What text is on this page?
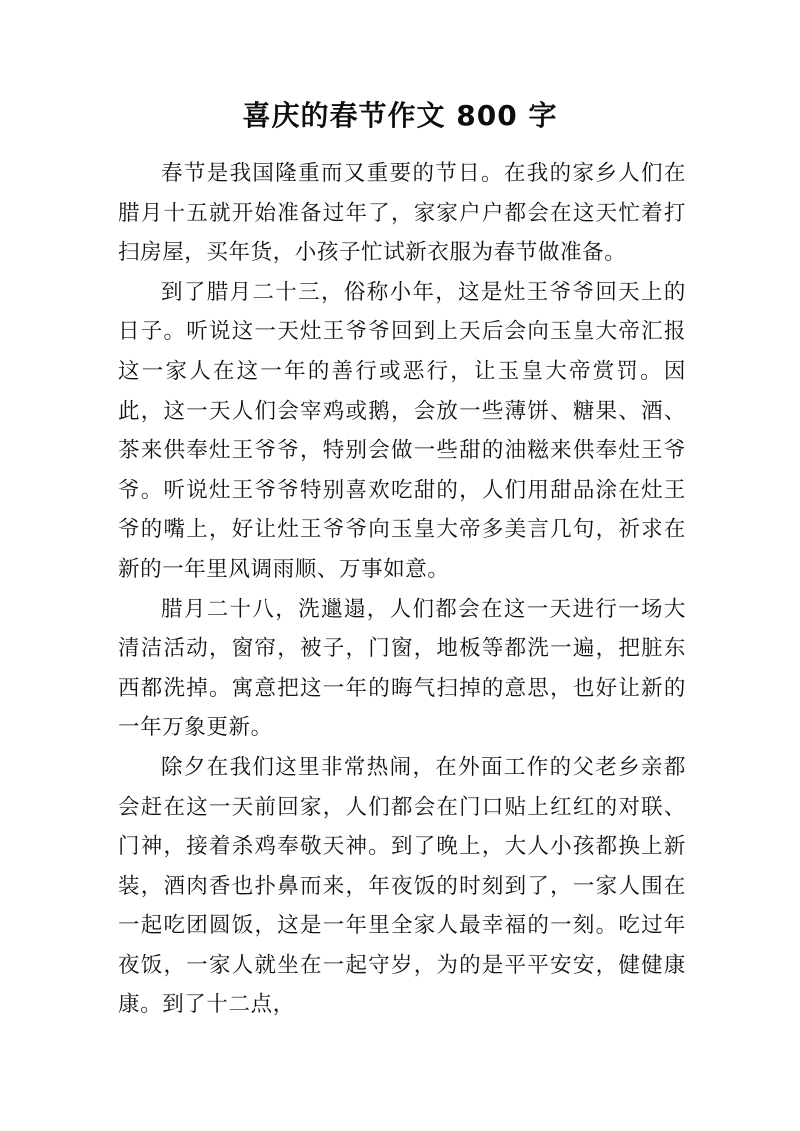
喜庆的春节作文 800 字

春节是我国隆重而又重要的节日。在我的家乡人们在腊月十五就开始准备过年了，家家户户都会在这天忙着打扫房屋，买年货，小孩子忙试新衣服为春节做准备。

到了腊月二十三，俗称小年，这是灶王爷爷回天上的日子。听说这一天灶王爷爷回到上天后会向玉皇大帝汇报这一家人在这一年的善行或恶行，让玉皇大帝赏罚。因此，这一天人们会宰鸡或鹅，会放一些薄饼、糖果、酒、茶来供奉灶王爷爷，特别会做一些甜的油糍来供奉灶王爷爷。听说灶王爷爷特别喜欢吃甜的，人们用甜品涂在灶王爷的嘴上，好让灶王爷爷向玉皇大帝多美言几句，祈求在新的一年里风调雨顺、万事如意。

腊月二十八，洗邋遢，人们都会在这一天进行一场大清洁活动，窗帘，被子，门窗，地板等都洗一遍，把脏东西都洗掉。寓意把这一年的晦气扫掉的意思，也好让新的一年万象更新。

除夕在我们这里非常热闹，在外面工作的父老乡亲都会赶在这一天前回家，人们都会在门口贴上红红的对联、门神，接着杀鸡奉敬天神。到了晚上，大人小孩都换上新装，酒肉香也扑鼻而来，年夜饭的时刻到了，一家人围在一起吃团圆饭，这是一年里全家人最幸福的一刻。吃过年夜饭，一家人就坐在一起守岁，为的是平平安安，健健康康。到了十二点，
